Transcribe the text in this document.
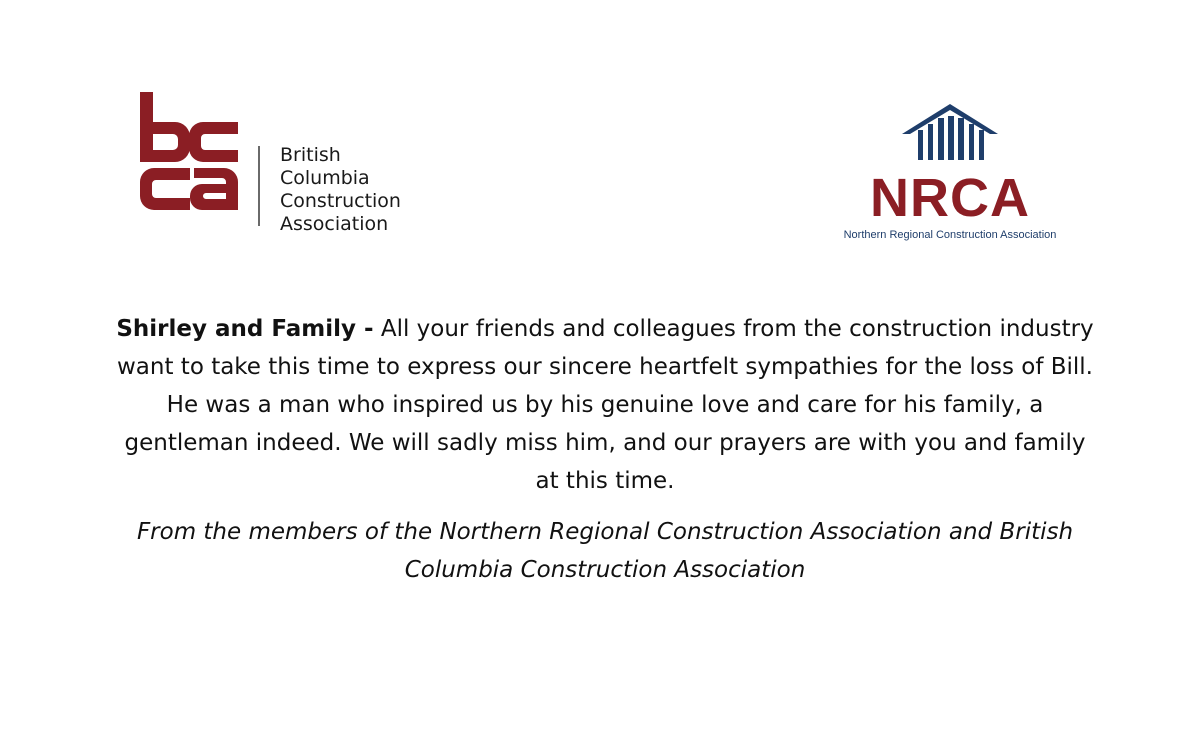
British
Columbia
Construction
Association	NRCA
Northern Regional Construction Association
Shirley and Family - All your friends and colleagues from the construction industry want to take this time to express our sincere heartfelt sympathies for the loss of Bill. He was a man who inspired us by his genuine love and care for his family, a gentleman indeed. We will sadly miss him, and our prayers are with you and family at this time.
From the members of the Northern Regional Construction Association and British Columbia Construction Association
